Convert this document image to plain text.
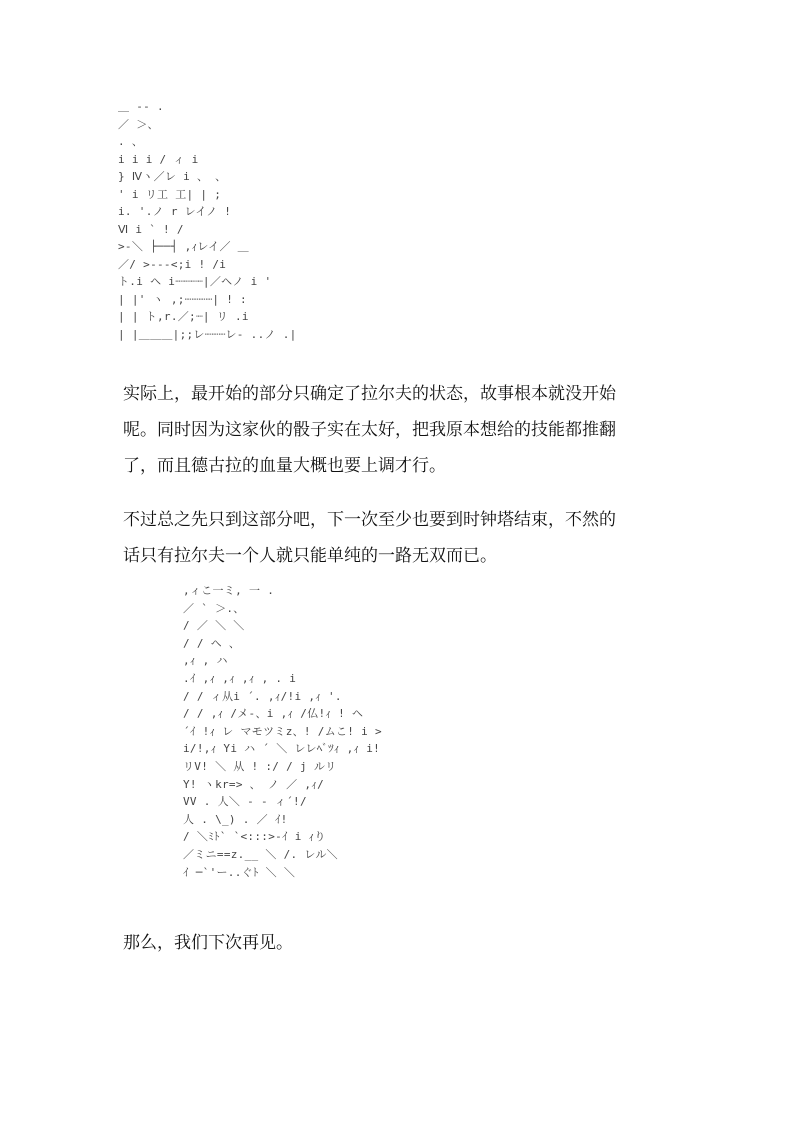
＿ ‐- .
／ ＞、
. 、
i i i / ィ i
} Ⅳヽ／レ i 、 、
' i リ工 工| | ;
i. '.ノ r レイノ !
Ⅵ i ` ! /
>-＼ ├──┤ ,ｨレイ／ ＿
／/ >--‐<;i ! /i
ト.i ヘ i┈┈┈┈|／ヘノ i '
| |' ヽ ,;┈┈┈┈| ! :
| | ト,r.／;┈| リ .i
| |＿＿＿|;;レ┈┈┈レ‐ ..ノ .|
实际上，最开始的部分只确定了拉尔夫的状态，故事根本就没开始
呢。同时因为这家伙的骰子实在太好，把我原本想给的技能都推翻
了，而且德古拉的血量大概也要上调才行。
不过总之先只到这部分吧，下一次至少也要到时钟塔结束，不然的
话只有拉尔夫一个人就只能单纯的一路无双而已。
,ィこ一ミ, 一 .
／ ` ＞.、
/ ／ ＼ ＼
/ / ヘ 、
,ｨ , ハ
.ｲ ,ｨ ,ｨ ,ｨ , . i
/ / ィ从i ´. ,ｨ/!i ,ｨ '.
/ / ,ｨ /メ‐、i ,ｨ /仏!ｨ ! ヘ
´ｲ !ｨ レ マモツミz、! /ムこ! i >
i/!,ｨ Yi ハ ´ ＼ レレﾍﾞﾂｨ ,ｨ i!
リV! ＼ 从 ! :/ / j ルリ
Y! ヽkr=> 、 ノ ／ ,ｨ/
VV . 人＼ ‐ - ィ´!/
人 . \_) . ／ ｲ!
/ ＼ﾐﾄ` `<:::>-ｲ i ｨり
／ミニ==z.__ ＼ /. レル＼
ｲ ─`'ー..ぐﾄ ＼ ＼
那么，我们下次再见。
